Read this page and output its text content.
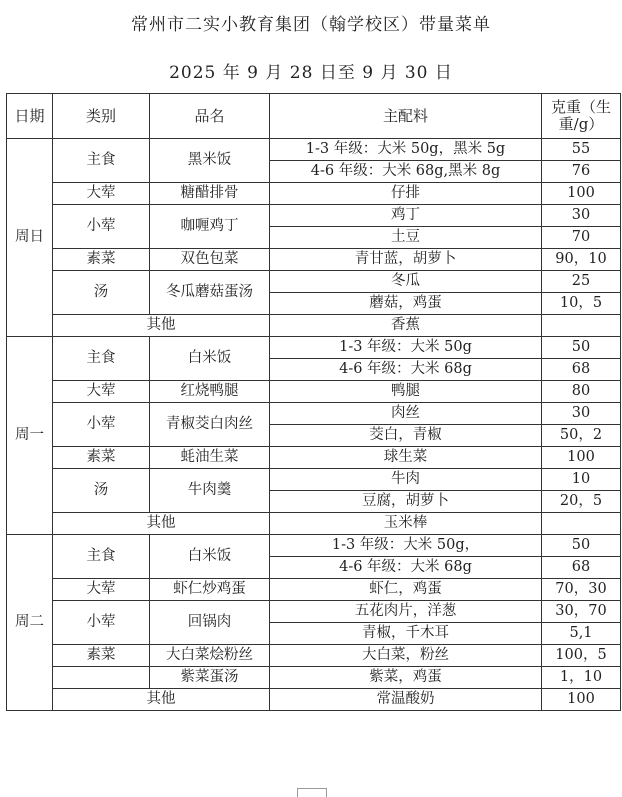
常州市二实小教育集团（翰学校区）带量菜单
2025 年 9 月 28 日至 9 月 30 日
日期	类别	品名	主配料	克重（生重/g）
周日	主食	黑米饭	1-3 年级：大米 50g，黑米 5g	55
			4-6 年级：大米 68g,黑米 8g	76
	大荤	糖醋排骨	仔排	100
	小荤	咖喱鸡丁	鸡丁	30
			土豆	70
	素菜	双色包菜	青甘蓝，胡萝卜	90，10
	汤	冬瓜蘑菇蛋汤	冬瓜	25
			蘑菇，鸡蛋	10，5
	其他		香蕉	
周一	主食	白米饭	1-3 年级：大米 50g	50
			4-6 年级：大米 68g	68
	大荤	红烧鸭腿	鸭腿	80
	小荤	青椒茭白肉丝	肉丝	30
			茭白，青椒	50，2
	素菜	蚝油生菜	球生菜	100
	汤	牛肉羹	牛肉	10
			豆腐，胡萝卜	20，5
	其他		玉米棒	
周二	主食	白米饭	1-3 年级：大米 50g，	50
			4-6 年级：大米 68g	68
	大荤	虾仁炒鸡蛋	虾仁，鸡蛋	70，30
	小荤	回锅肉	五花肉片，洋葱	30，70
			青椒，千木耳	5,1
	素菜	大白菜烩粉丝	大白菜，粉丝	100，5
		紫菜蛋汤	紫菜，鸡蛋	1，10
	其他		常温酸奶	100
